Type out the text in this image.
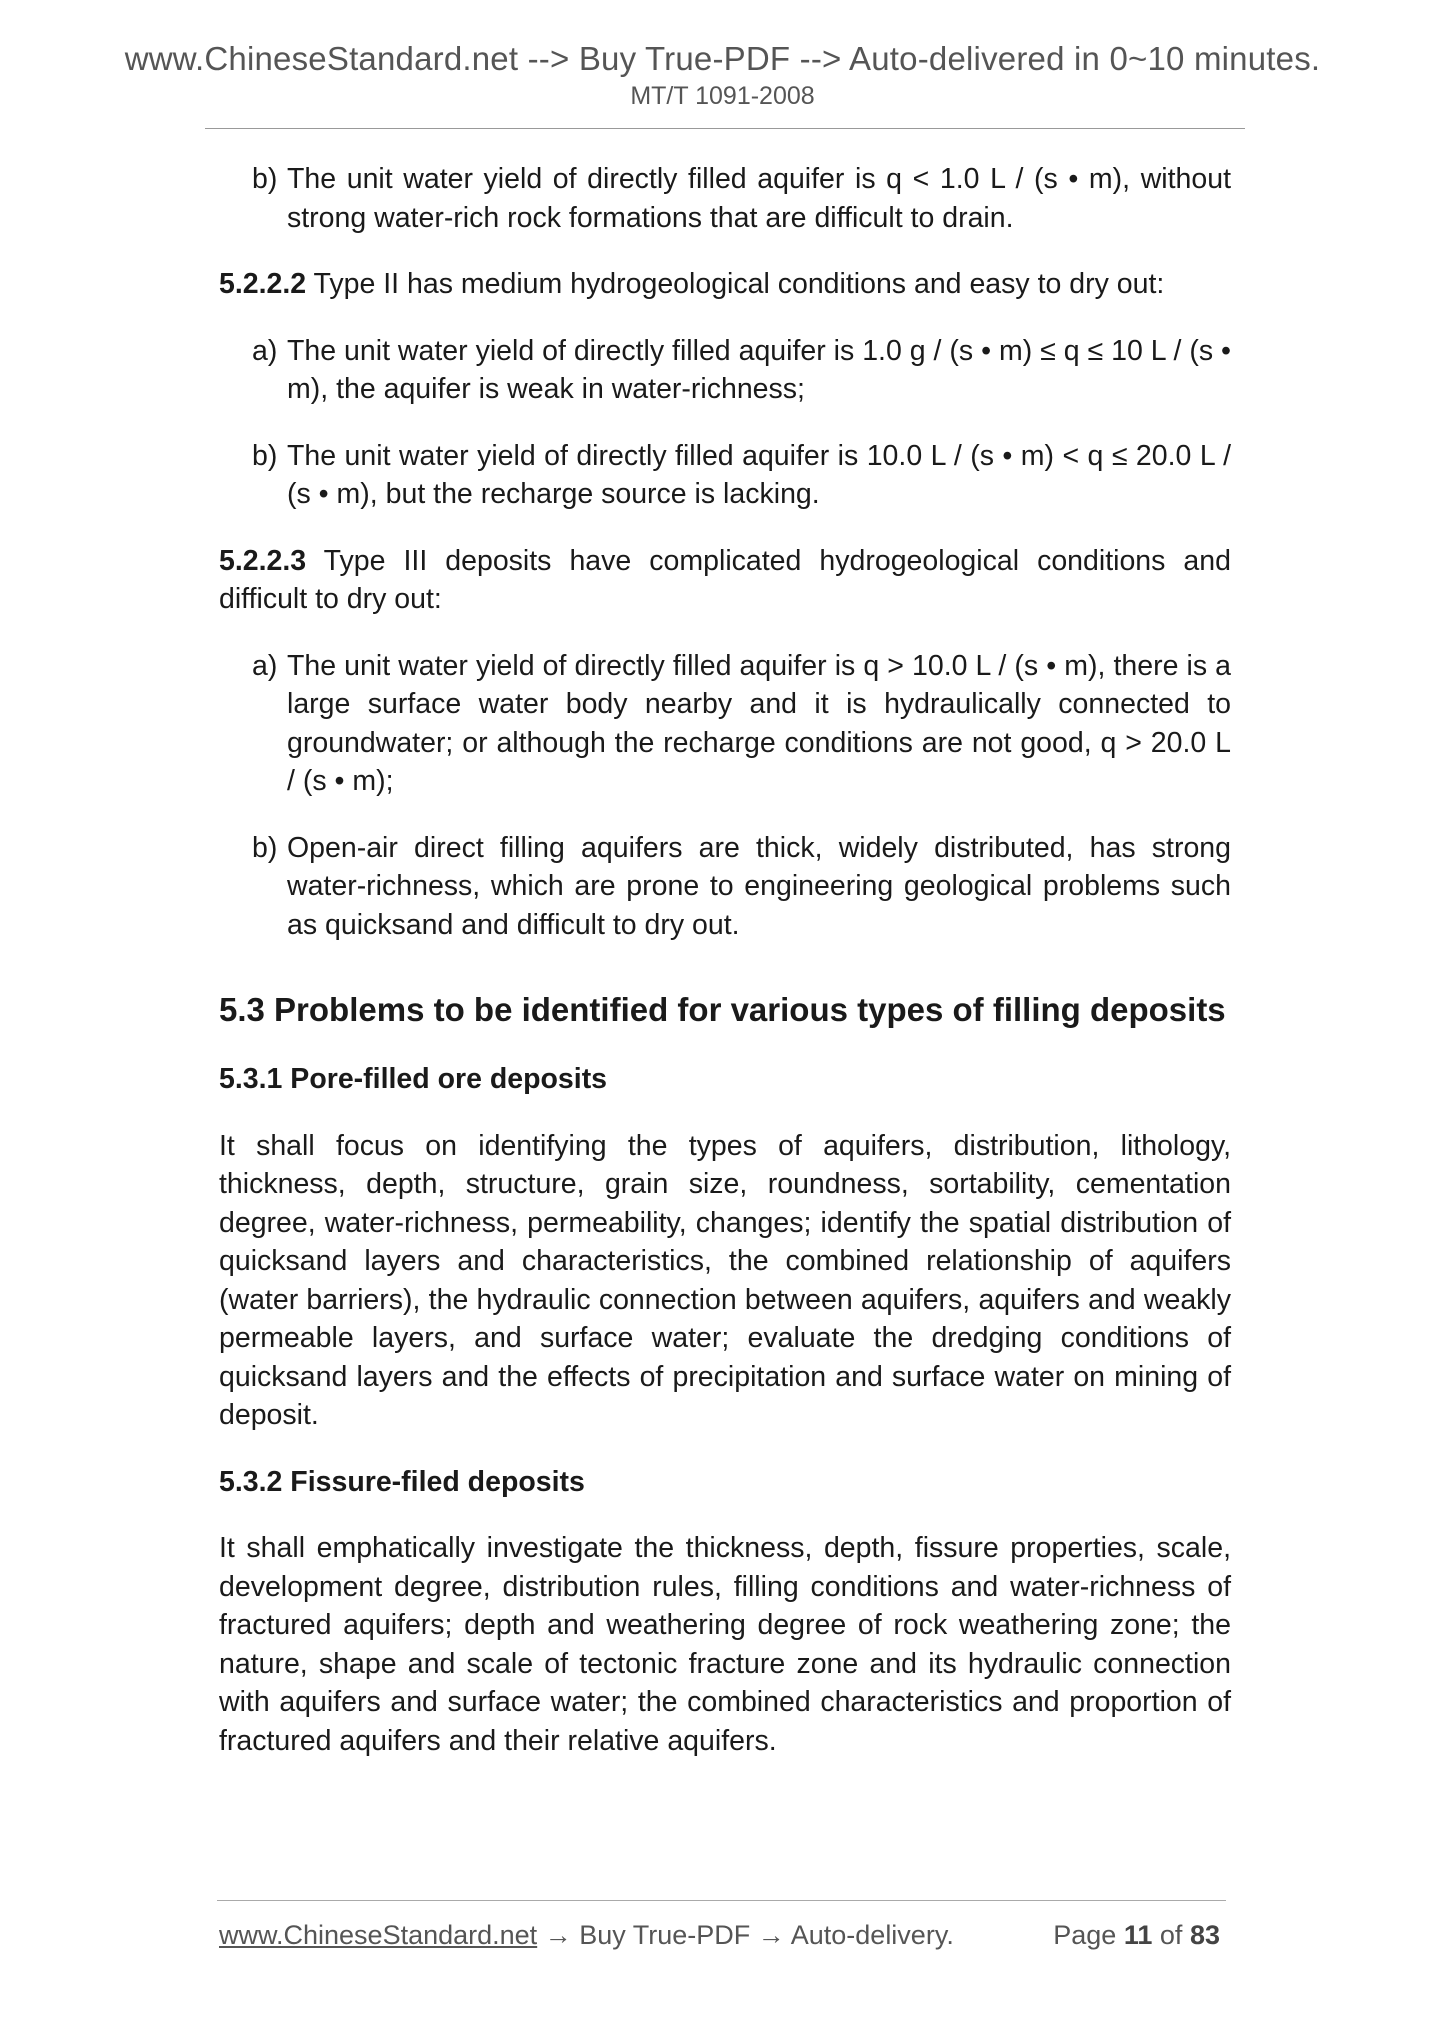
www.ChineseStandard.net --> Buy True-PDF --> Auto-delivered in 0~10 minutes.
MT/T 1091-2008
b) The unit water yield of directly filled aquifer is q < 1.0 L / (s • m), without strong water-rich rock formations that are difficult to drain.
5.2.2.2 Type II has medium hydrogeological conditions and easy to dry out:
a) The unit water yield of directly filled aquifer is 1.0 g / (s • m) ≤ q ≤ 10 L / (s • m), the aquifer is weak in water-richness;
b) The unit water yield of directly filled aquifer is 10.0 L / (s • m) < q ≤ 20.0 L / (s • m), but the recharge source is lacking.
5.2.2.3 Type III deposits have complicated hydrogeological conditions and difficult to dry out:
a) The unit water yield of directly filled aquifer is q > 10.0 L / (s • m), there is a large surface water body nearby and it is hydraulically connected to groundwater; or although the recharge conditions are not good, q > 20.0 L / (s • m);
b) Open-air direct filling aquifers are thick, widely distributed, has strong water-richness, which are prone to engineering geological problems such as quicksand and difficult to dry out.
5.3 Problems to be identified for various types of filling deposits
5.3.1 Pore-filled ore deposits
It shall focus on identifying the types of aquifers, distribution, lithology, thickness, depth, structure, grain size, roundness, sortability, cementation degree, water-richness, permeability, changes; identify the spatial distribution of quicksand layers and characteristics, the combined relationship of aquifers (water barriers), the hydraulic connection between aquifers, aquifers and weakly permeable layers, and surface water; evaluate the dredging conditions of quicksand layers and the effects of precipitation and surface water on mining of deposit.
5.3.2 Fissure-filed deposits
It shall emphatically investigate the thickness, depth, fissure properties, scale, development degree, distribution rules, filling conditions and water-richness of fractured aquifers; depth and weathering degree of rock weathering zone; the nature, shape and scale of tectonic fracture zone and its hydraulic connection with aquifers and surface water; the combined characteristics and proportion of fractured aquifers and their relative aquifers.
www.ChineseStandard.net → Buy True-PDF → Auto-delivery.	Page 11 of 83
